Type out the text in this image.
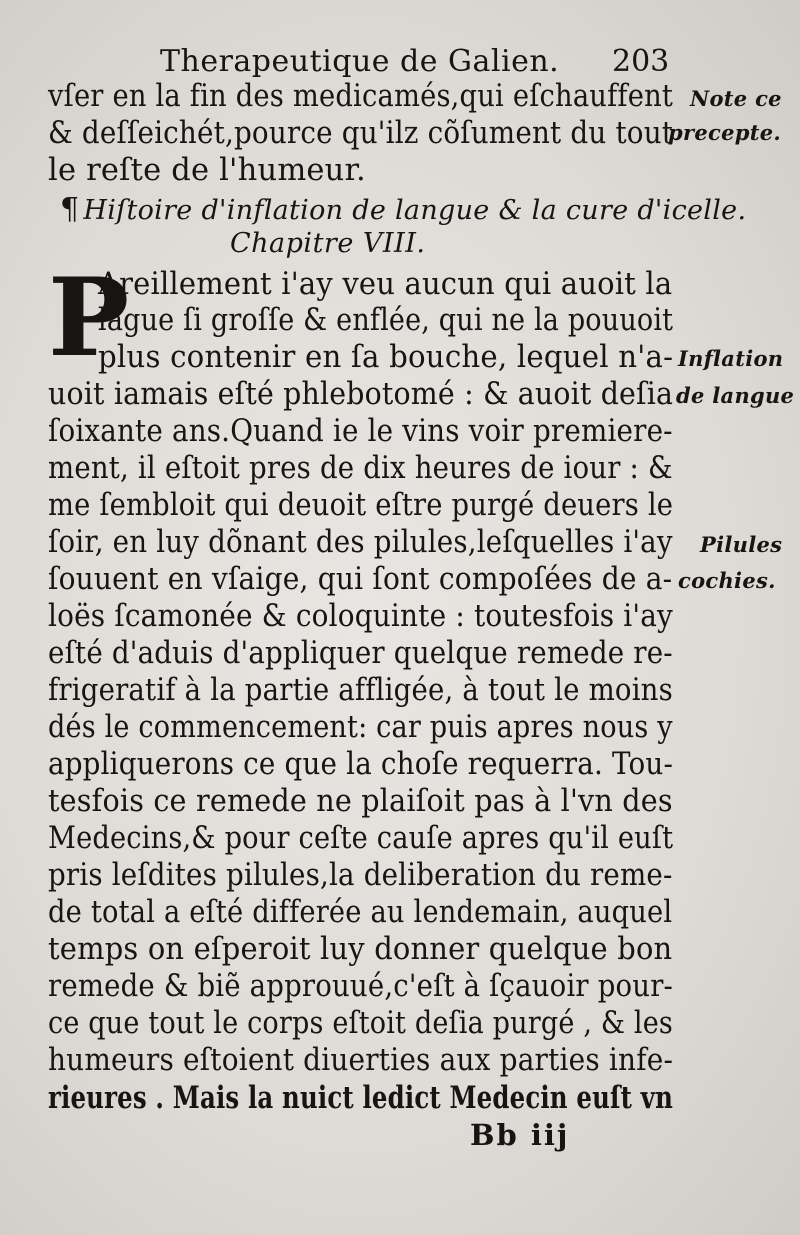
Therapeutique de Galien. 203
vſer en la fin des medicamés,qui eſchauffent
& deſſeichét,pource qu'ilz cõſument du tout
le reſte de l'humeur.
¶ Hiſtoire d'inflation de langue & la cure d'icelle.
Chapitre VIII.
P
Areillement i'ay veu aucun qui auoit la
lãgue ſi groſſe & enflée, qui ne la pouuoit
plus contenir en ſa bouche, lequel n'a-
uoit iamais eſté phlebotomé : & auoit deſia
ſoixante ans.Quand ie le vins voir premiere-
ment, il eſtoit pres de dix heures de iour : &
me ſembloit qui deuoit eſtre purgé deuers le
ſoir, en luy dõnant des pilules,leſquelles i'ay
ſouuent en vſaige, qui ſont compoſées de a-
loës ſcamonée & coloquinte : toutesfois i'ay
eſté d'aduis d'appliquer quelque remede re-
frigeratif à la partie affligée, à tout le moins
dés le commencement: car puis apres nous y
appliquerons ce que la choſe requerra. Tou-
tesfois ce remede ne plaiſoit pas à l'vn des
Medecins,& pour ceſte cauſe apres qu'il euſt
pris leſdites pilules,la deliberation du reme-
de total a eſté differée au lendemain, auquel
temps on eſperoit luy donner quelque bon
remede & biẽ approuué,c'eſt à ſçauoir pour-
ce que tout le corps eſtoit deſia purgé , & les
humeurs eſtoient diuerties aux parties infe-
rieures . Mais la nuict ledict Medecin euſt vn
Note ce
precepte.
Inflation
de langue
Pilules
cochies.
Bb iij
